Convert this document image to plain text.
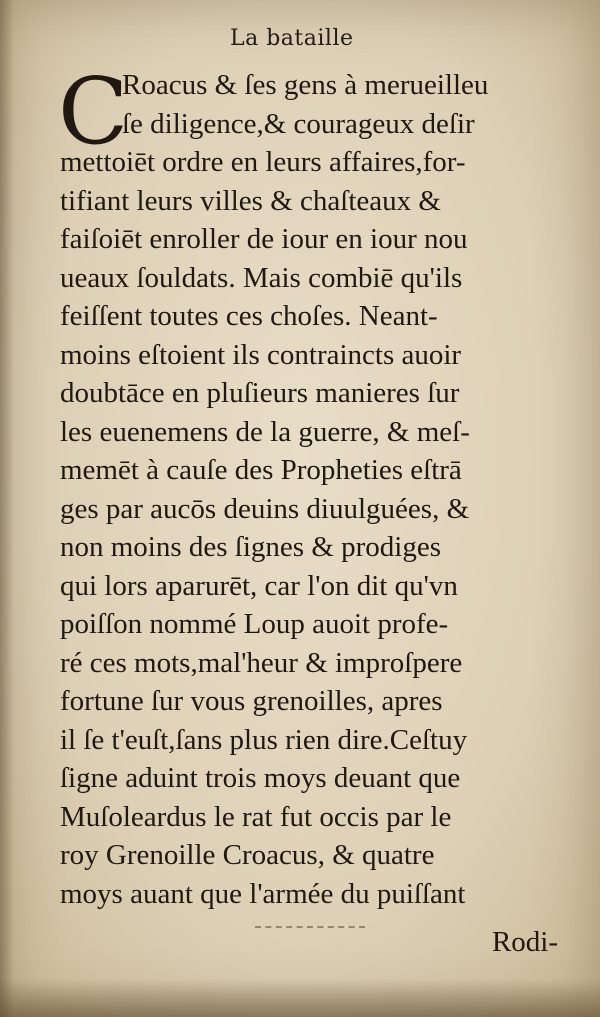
La bataille
C
Roacus & ſes gens à merueilleu
ſe diligence,& courageux deſir
mettoiēt ordre en leurs affaires,for-
tifiant leurs villes & chaſteaux &
faiſoiēt enroller de iour en iour nou
ueaux ſouldats. Mais combiē qu'ils
feiſſent toutes ces choſes. Neant-
moins eſtoient ils contraincts auoir
doubtāce en pluſieurs manieres ſur
les euenemens de la guerre, & meſ-
memēt à cauſe des Propheties eſtrā
ges par aucōs deuins diuulguées, &
non moins des ſignes & prodiges
qui lors aparurēt, car l'on dit qu'vn
poiſſon nommé Loup auoit profe-
ré ces mots,mal'heur & improſpere
fortune ſur vous grenoilles, apres
il ſe t'euſt,ſans plus rien dire.Ceſtuy
ſigne aduint trois moys deuant que
Muſoleardus le rat fut occis par le
roy Grenoille Croacus, & quatre
moys auant que l'armée du puiſſant
Rodi-
